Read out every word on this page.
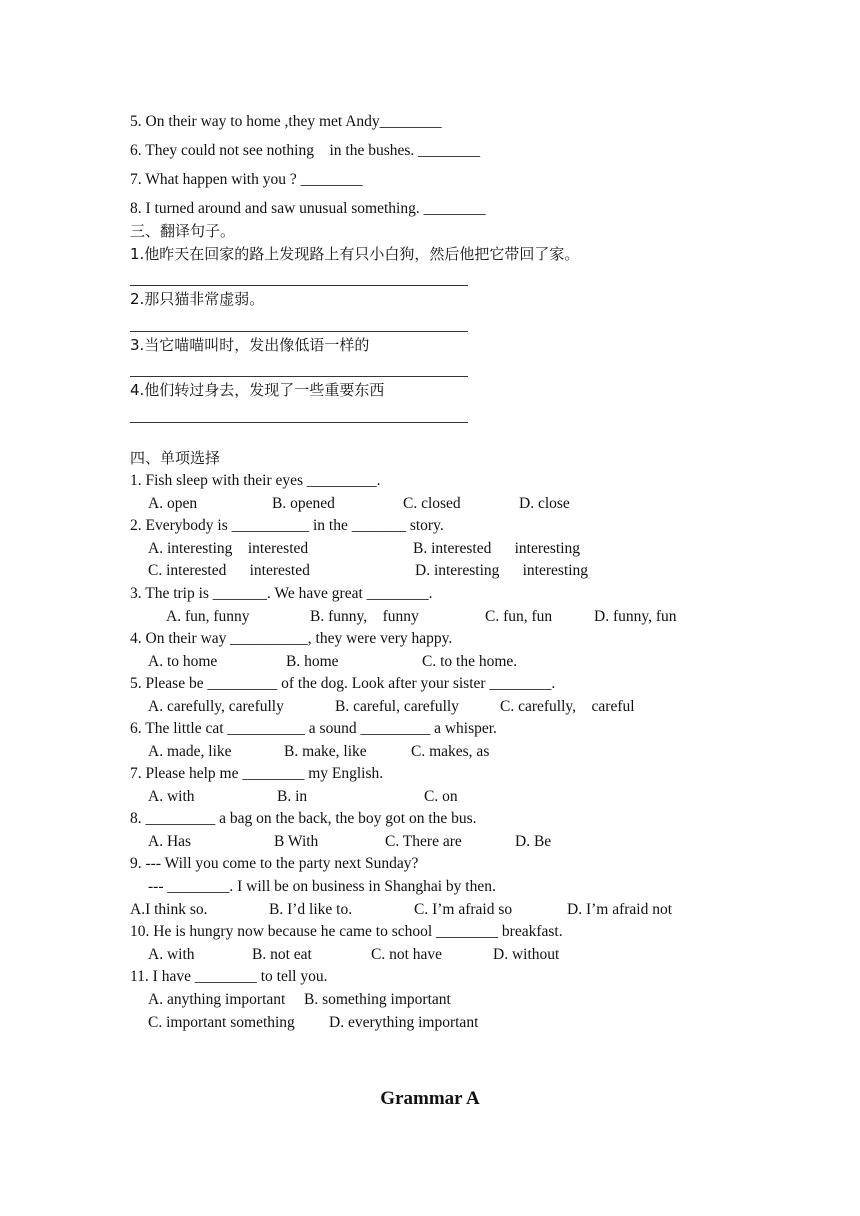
5. On their way to home ,they met Andy________
6. They could not see nothing    in the bushes. ________
7. What happen with you ? ________
8. I turned around and saw unusual something. ________
三、翻译句子。
1.他昨天在回家的路上发现路上有只小白狗，然后他把它带回了家。
2.那只猫非常虚弱。
3.当它喵喵叫时，发出像低语一样的
4.他们转过身去，发现了一些重要东西
四、单项选择
1. Fish sleep with their eyes _________.
A. open	B. opened	C. closed	D. close
2. Everybody is __________ in the _______ story.
A. interesting    interested	B. interested      interesting
C. interested      interested	D. interesting      interesting
3. The trip is _______. We have great ________.
A. fun, funny	B. funny,    funny	C. fun, fun	D. funny, fun
4. On their way __________, they were very happy.
A. to home	B. home	C. to the home.
5. Please be _________ of the dog. Look after your sister ________.
A. carefully, carefully	B. careful, carefully	C. carefully,    careful
6. The little cat __________ a sound _________ a whisper.
A. made, like	B. make, like	C. makes, as
7. Please help me ________ my English.
A. with	B. in	C. on
8. _________ a bag on the back, the boy got on the bus.
A. Has	B With	C. There are	D. Be
9. --- Will you come to the party next Sunday?
--- ________. I will be on business in Shanghai by then.
A.I think so.	B. I’d like to.	C. I’m afraid so	D. I’m afraid not
10. He is hungry now because he came to school ________ breakfast.
A. with	B. not eat	C. not have	D. without
11. I have ________ to tell you.
A. anything important B. something important
C. important something D. everything important
Grammar A
